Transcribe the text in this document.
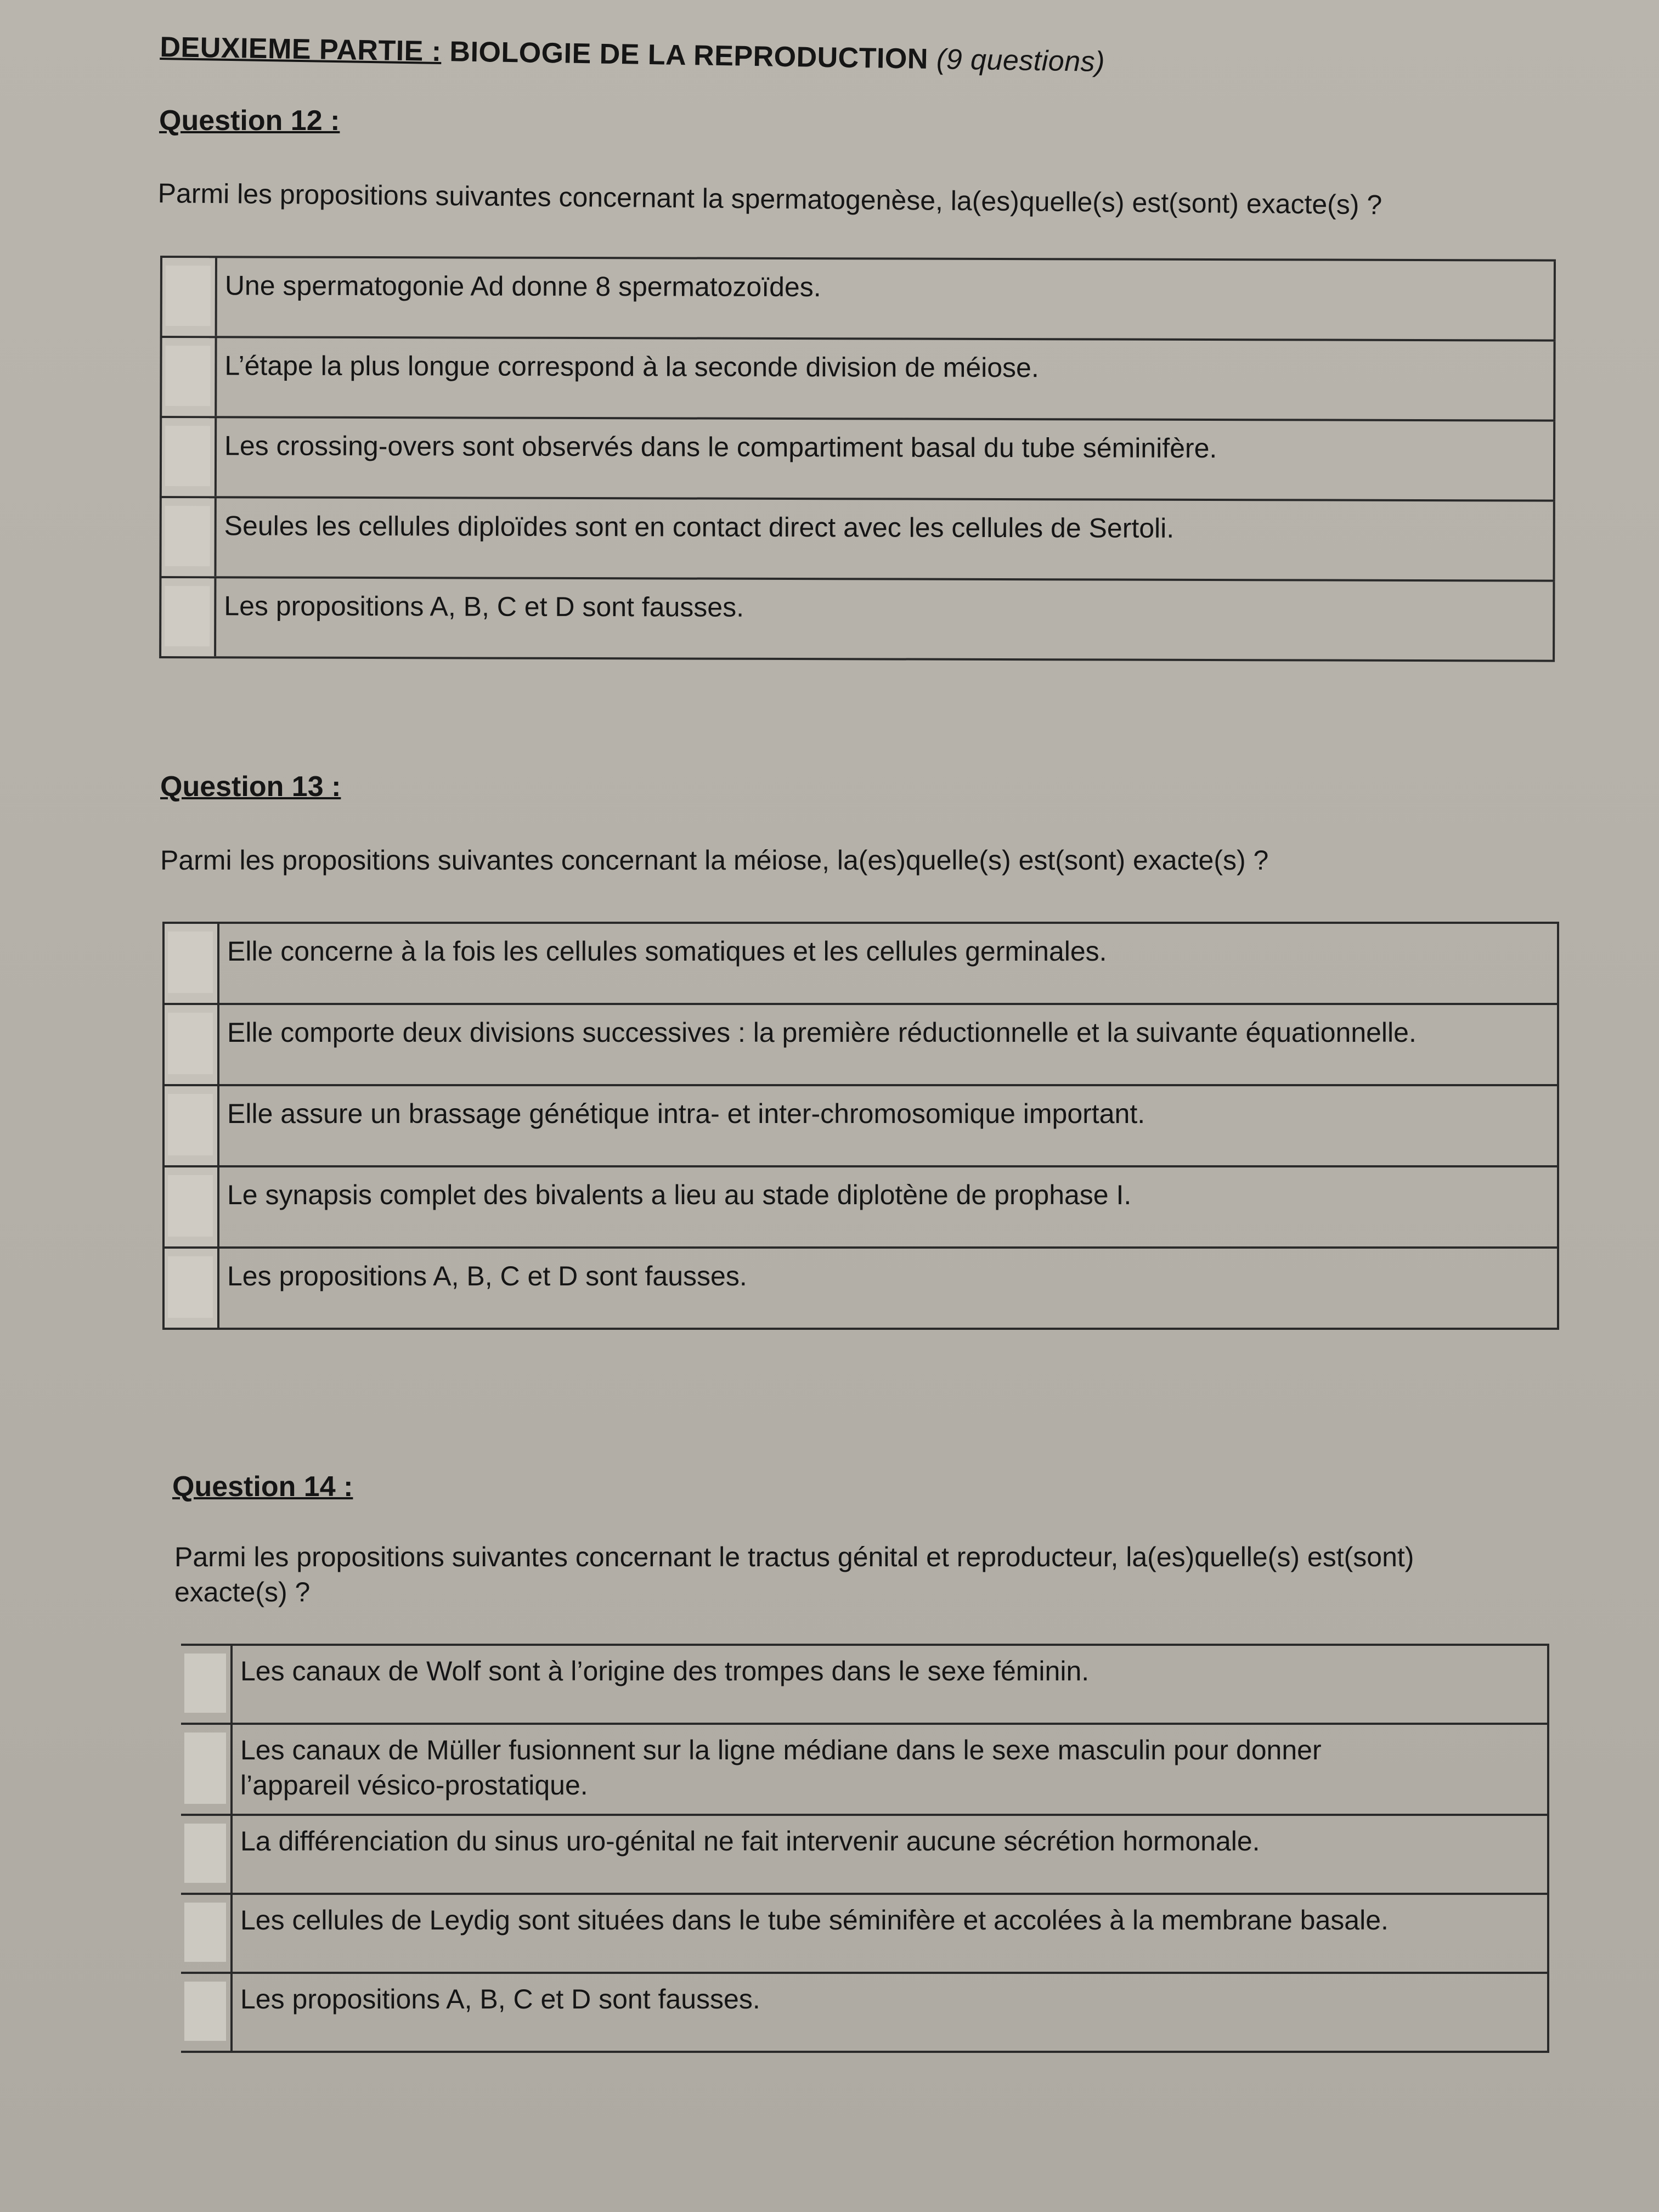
DEUXIEME PARTIE : BIOLOGIE DE LA REPRODUCTION (9 questions)
Question 12 :
Parmi les propositions suivantes concernant la spermatogenèse, la(es)quelle(s) est(sont) exacte(s) ?
Une spermatogonie Ad donne 8 spermatozoïdes.
L’étape la plus longue correspond à la seconde division de méiose.
Les crossing-overs sont observés dans le compartiment basal du tube séminifère.
Seules les cellules diploïdes sont en contact direct avec les cellules de Sertoli.
Les propositions A, B, C et D sont fausses.
Question 13 :
Parmi les propositions suivantes concernant la méiose, la(es)quelle(s) est(sont) exacte(s) ?
Elle concerne à la fois les cellules somatiques et les cellules germinales.
Elle comporte deux divisions successives : la première réductionnelle et la suivante équationnelle.
Elle assure un brassage génétique intra- et inter-chromosomique important.
Le synapsis complet des bivalents a lieu au stade diplotène de prophase I.
Les propositions A, B, C et D sont fausses.
Question 14 :
Parmi les propositions suivantes concernant le tractus génital et reproducteur, la(es)quelle(s) est(sont)
exacte(s) ?
Les canaux de Wolf sont à l’origine des trompes dans le sexe féminin.
Les canaux de Müller fusionnent sur la ligne médiane dans le sexe masculin pour donner
l’appareil vésico-prostatique.
La différenciation du sinus uro-génital ne fait intervenir aucune sécrétion hormonale.
Les cellules de Leydig sont situées dans le tube séminifère et accolées à la membrane basale.
Les propositions A, B, C et D sont fausses.
